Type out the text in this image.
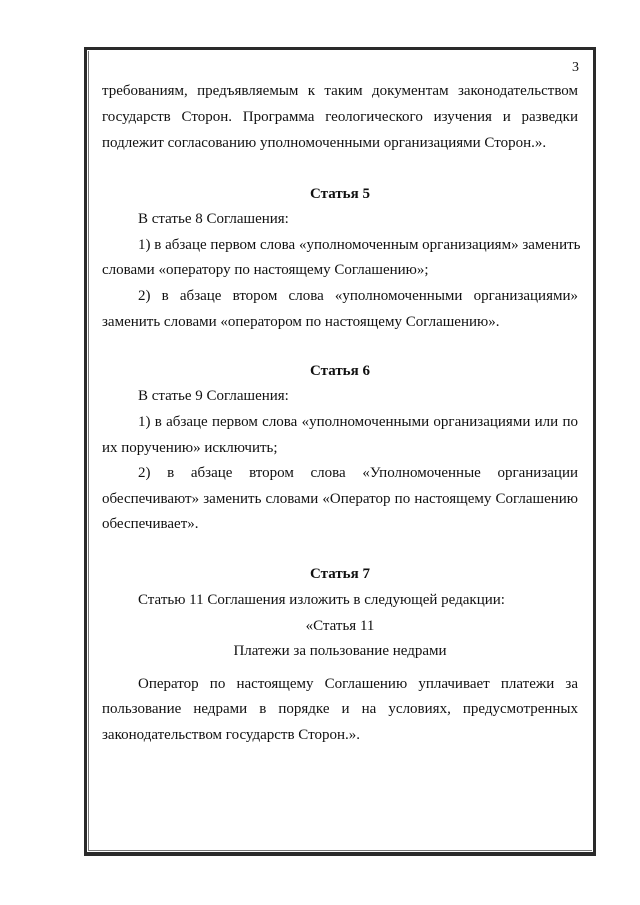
3
требованиям, предъявляемым к таким документам законодательством
государств Сторон. Программа геологического изучения и разведки
подлежит согласованию уполномоченными организациями Сторон.».
Статья 5
В статье 8 Соглашения:
1) в абзаце первом слова «уполномоченным организациям» заменить
словами «оператору по настоящему Соглашению»;
2) в абзаце втором слова «уполномоченными организациями»
заменить словами «оператором по настоящему Соглашению».
Статья 6
В статье 9 Соглашения:
1) в абзаце первом слова «уполномоченными организациями или по
их поручению» исключить;
2) в абзаце втором слова «Уполномоченные организации
обеспечивают» заменить словами «Оператор по настоящему Соглашению
обеспечивает».
Статья 7
Статью 11 Соглашения изложить в следующей редакции:
«Статья 11
Платежи за пользование недрами
Оператор по настоящему Соглашению уплачивает платежи за
пользование недрами в порядке и на условиях, предусмотренных
законодательством государств Сторон.».
